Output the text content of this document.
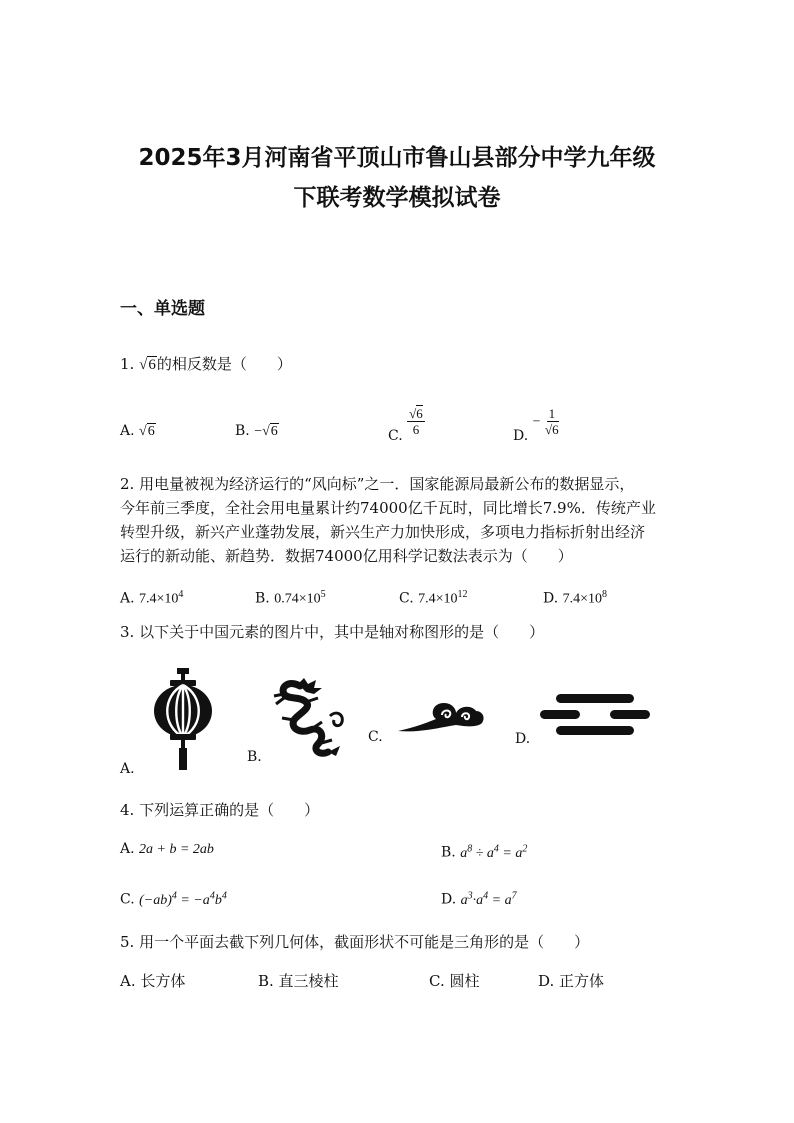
2025年3月河南省平顶山市鲁山县部分中学九年级
下联考数学模拟试卷
一、单选题
1. √6的相反数是（　　）
A. √6	B. −√6	C. $\frac{√6}{6}$	D. − $\frac{1}{√6}$
2. 用电量被视为经济运行的“风向标”之一．国家能源局最新公布的数据显示，
今年前三季度，全社会用电量累计约74000亿千瓦时，同比增长7.9%．传统产业
转型升级，新兴产业蓬勃发展，新兴生产力加快形成，多项电力指标折射出经济
运行的新动能、新趋势．数据74000亿用科学记数法表示为（　　）
A. $7.4\times 10^4$	B. $0.74\times 10^5$	C. $7.4\times 10^{12}$	D. $7.4\times 10^8$
3. 以下关于中国元素的图片中，其中是轴对称图形的是（　　）
A.
B.
C.	D.
4. 下列运算正确的是（　　）
A. 2a + b = 2ab	B. $a^8 \div a^4 = a^2$
C. $(-ab)^4 = -a^4b^4$	D. $a^3\cdot a^4 = a^7$
5. 用一个平面去截下列几何体，截面形状不可能是三角形的是（　　）
A. 长方体	B. 直三棱柱	C. 圆柱	D. 正方体
